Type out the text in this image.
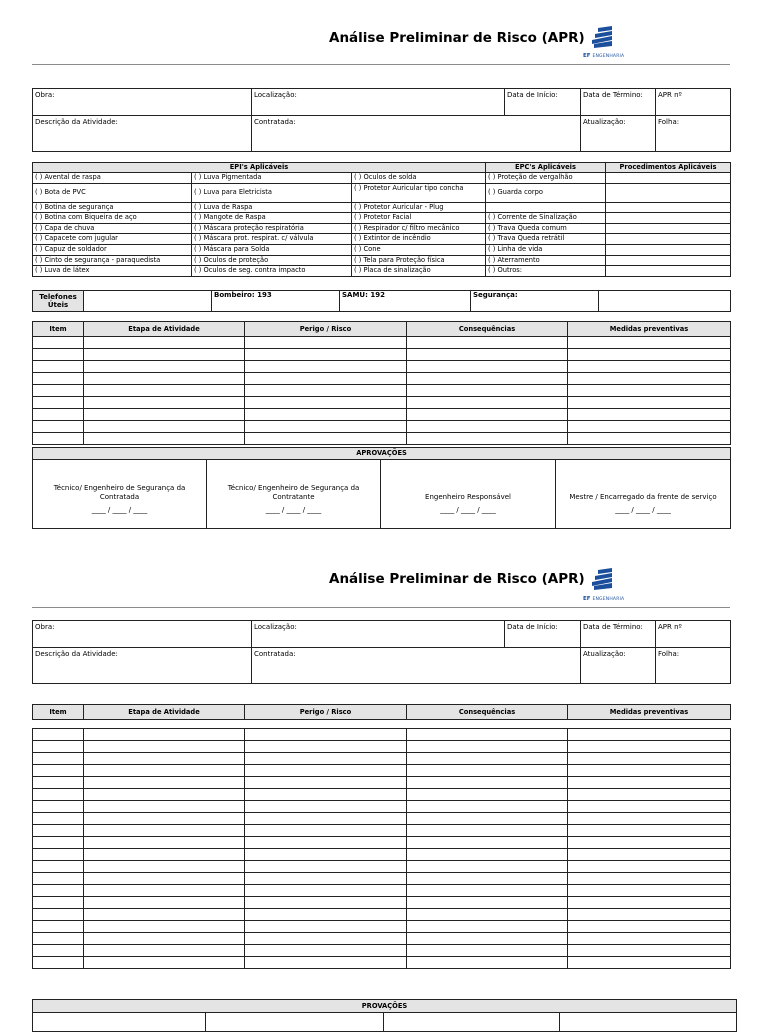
Análise Preliminar de Risco (APR)
EF ENGENHARIA
Obra:	Localização:	Data de Início:	Data de Término:	APR nº
Descrição da Atividade:	Contratada:		Atualização:	Folha:
EPI's Aplicáveis			EPC's Aplicáveis	Procedimentos Aplicáveis
( ) Avental de raspa	( ) Luva Pigmentada	( ) Óculos de solda	( ) Proteção de vergalhão	
( ) Bota de PVC	( ) Luva para Eletricista	( ) Protetor Auricular tipo concha	( ) Guarda corpo	
( ) Botina de segurança	( ) Luva de Raspa	( ) Protetor Auricular - Plug		
( ) Botina com Biqueira de aço	( ) Mangote de Raspa	( ) Protetor Facial	( ) Corrente de Sinalização	
( ) Capa de chuva	( ) Máscara proteção respiratória	( ) Respirador c/ filtro mecânico	( ) Trava Queda comum	
( ) Capacete com jugular	( ) Máscara prot. respirat. c/ válvula	( ) Extintor de incêndio	( ) Trava Queda retrátil	
( ) Capuz de soldador	( ) Máscara para Solda	( ) Cone	( ) Linha de vida	
( ) Cinto de segurança - paraquedista	( ) Óculos de proteção	( ) Tela para Proteção física	( ) Aterramento	
( ) Luva de látex	( ) Óculos de seg. contra impacto	( ) Placa de sinalização	( ) Outros:	
Telefones Úteis		Bombeiro: 193	SAMU: 192	Segurança:	
Item	Etapa de Atividade	Perigo / Risco	Consequências	Medidas preventivas

APROVAÇÕES			
Técnico/ Engenheiro de Segurança da Contratada	Técnico/ Engenheiro de Segurança da Contratante	Engenheiro Responsável	Mestre / Encarregado da frente de serviço
____ / ____ / ____	____ / ____ / ____	____ / ____ / ____	____ / ____ / ____
Análise Preliminar de Risco (APR)
EF ENGENHARIA
Obra:	Localização:	Data de Início:	Data de Término:	APR nº
Descrição da Atividade:	Contratada:		Atualização:	Folha:
Item	Etapa de Atividade	Perigo / Risco	Consequências	Medidas preventivas

PROVAÇÕES
